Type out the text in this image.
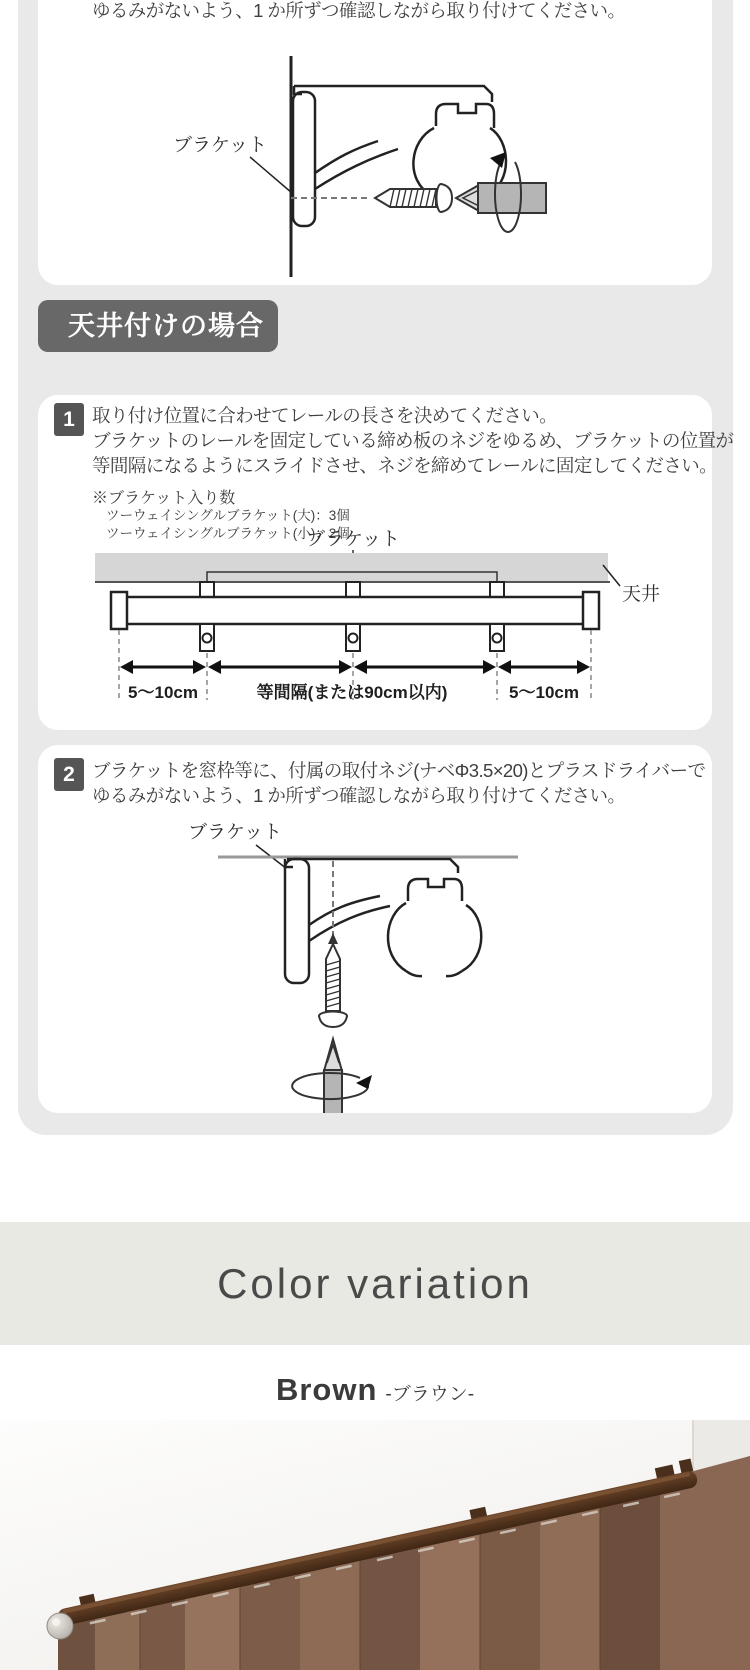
ゆるみがないよう、1 か所ずつ確認しながら取り付けてください。
ブラケット
天井付けの場合
1 取り付け位置に合わせてレールの長さを決めてください。
ブラケットのレールを固定している締め板のネジをゆるめ、ブラケットの位置が
等間隔になるようにスライドさせ、ネジを締めてレールに固定してください。
※ブラケット入り数
ツーウェイシングルブラケット(大)：3個
ツーウェイシングルブラケット(小)：2個
ブラケット
5～10cm	等間隔(または90cm以内)	5～10cm
天井
2 ブラケットを窓枠等に、付属の取付ネジ(ナベΦ3.5×20)とプラスドライバーで
ゆるみがないよう、1 か所ずつ確認しながら取り付けてください。
ブラケット
Color variation
Brown -ブラウン-
